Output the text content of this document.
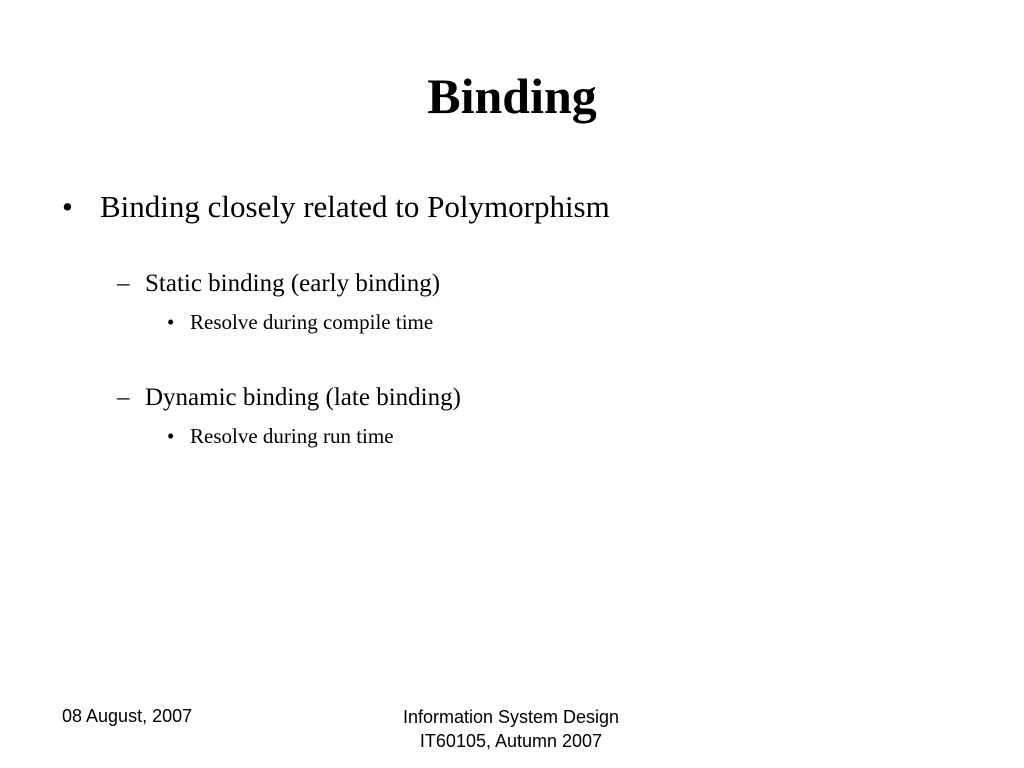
Binding
• Binding closely related to Polymorphism
– Static binding (early binding)
• Resolve during compile time
– Dynamic binding (late binding)
• Resolve during run time
08 August, 2007	Information System Design
IT60105, Autumn 2007
